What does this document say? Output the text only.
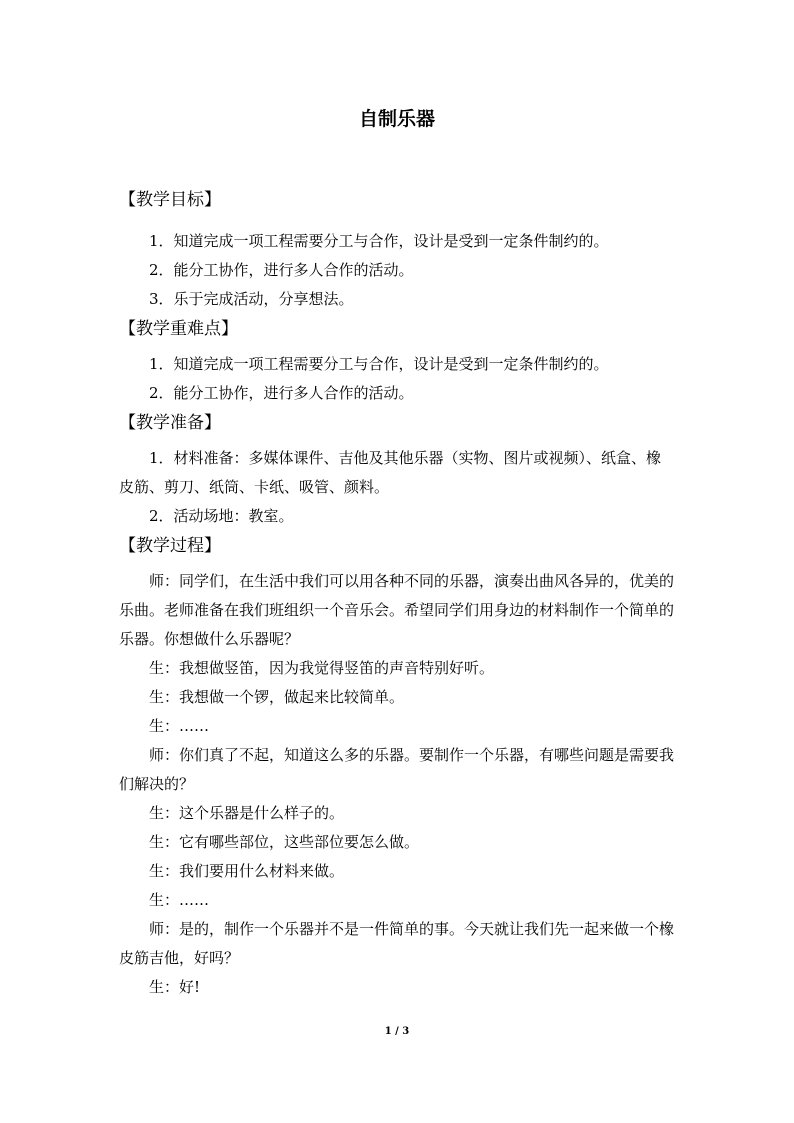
自制乐器
【教学目标】
1．知道完成一项工程需要分工与合作，设计是受到一定条件制约的。
2．能分工协作，进行多人合作的活动。
3．乐于完成活动，分享想法。
【教学重难点】
1．知道完成一项工程需要分工与合作，设计是受到一定条件制约的。
2．能分工协作，进行多人合作的活动。
【教学准备】
1．材料准备：多媒体课件、吉他及其他乐器（实物、图片或视频）、纸盒、橡皮筋、剪刀、纸筒、卡纸、吸管、颜料。
2．活动场地：教室。
【教学过程】
师：同学们，在生活中我们可以用各种不同的乐器，演奏出曲风各异的，优美的乐曲。老师准备在我们班组织一个音乐会。希望同学们用身边的材料制作一个简单的乐器。你想做什么乐器呢？
生：我想做竖笛，因为我觉得竖笛的声音特别好听。
生：我想做一个锣，做起来比较简单。
生：……
师：你们真了不起，知道这么多的乐器。要制作一个乐器，有哪些问题是需要我们解决的？
生：这个乐器是什么样子的。
生：它有哪些部位，这些部位要怎么做。
生：我们要用什么材料来做。
生：……
师：是的，制作一个乐器并不是一件简单的事。今天就让我们先一起来做一个橡皮筋吉他，好吗？
生：好!
1 / 3
